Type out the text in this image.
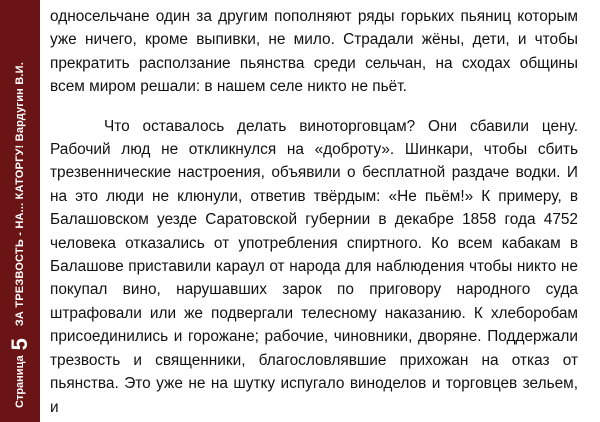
Страница
5
ЗА ТРЕЗВОСТЬ - НА... КАТОРГУ! Вардугин В.И.

односельчане один за другим пополняют ряды горьких пьяниц которым уже ничего, кроме выпивки, не мило. Страдали жёны, дети, и чтобы прекратить расползание пьянства среди сельчан, на сходах общины всем миром решали: в нашем селе никто не пьёт.

Что оставалось делать виноторговцам? Они сбавили цену. Рабочий люд не откликнулся на «доброту». Шинкари, чтобы сбить трезвеннические настроения, объявили о бесплатной раздаче водки. И на это люди не клюнули, ответив твёрдым: «Не пьём!» К примеру, в Балашовском уезде Саратовской губернии в декабре 1858 года 4752 человека отказались от употребления спиртного. Ко всем кабакам в Балашове приставили караул от народа для наблюдения чтобы никто не покупал вино, нарушавших зарок по приговору народного суда штрафовали или же подвергали телесному наказанию. К хлеборобам присоединились и горожане; рабочие, чиновники, дворяне. Поддержали трезвость и священники, благословлявшие прихожан на отказ от пьянства. Это уже не на шутку испугало виноделов и торговцев зельем, и
